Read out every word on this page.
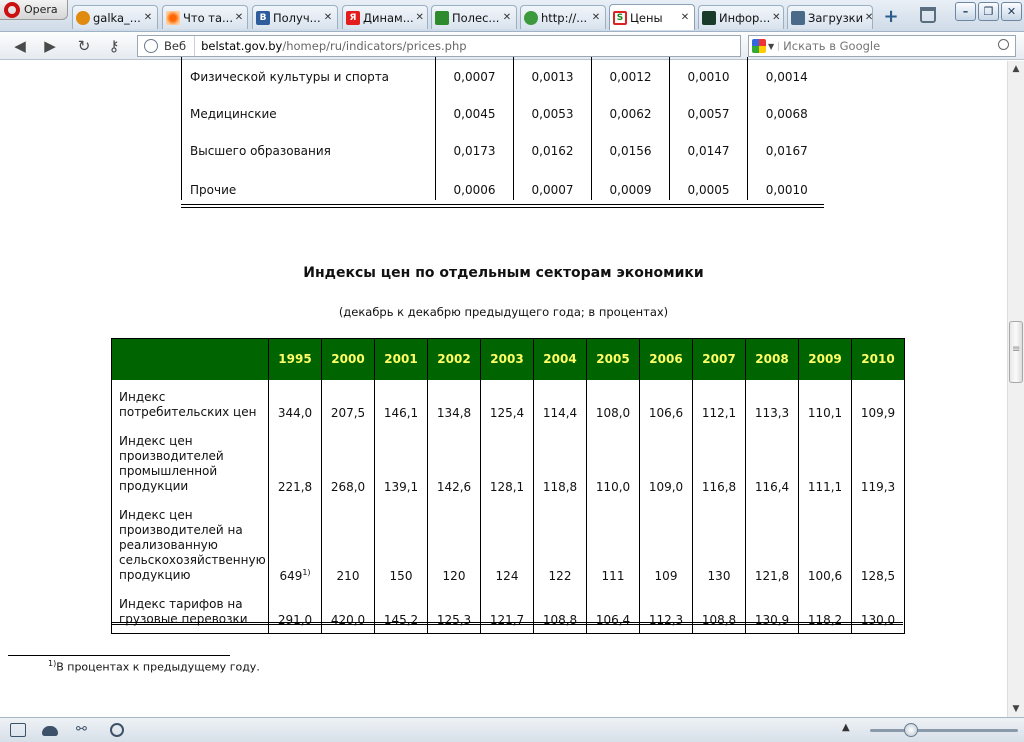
Opera
galka_... ✕	Что та... ✕	B Получ... ✕	Я Динам... ✕ Полес... ✕	http://... ✕	S Цены	✕	Инфор... ✕ Загрузки ✕ +	–	❐	✕
◀ ▶ ↻	⚷	Веб	belstat.gov.by/homep/ru/indicators/prices.php	▼
Искать в Google
Физической культуры и спорта	0,0007	0,0013	0,0012	0,0010	0,0014
Медицинские	0,0045	0,0053	0,0062	0,0057	0,0068
Высшего образования	0,0173	0,0162	0,0156	0,0147	0,0167
Прочие	0,0006	0,0007	0,0009	0,0005	0,0010
Индексы цен по отдельным секторам экономики
(декабрь к декабрю предыдущего года; в процентах)
	1995	2000	2001	2002	2003	2004	2005	2006	2007	2008	2009	2010
Индекс потребительских цен	344,0	207,5	146,1	134,8	125,4	114,4	108,0	106,6	112,1	113,3	110,1	109,9
Индекс цен производителей промышленной продукции	221,8	268,0	139,1	142,6	128,1	118,8	110,0	109,0	116,8	116,4	111,1	119,3
Индекс цен производителей на реализованную сельскохозяйственную продукцию	649$^{1)}$	210	150	120	124	122	111	109	130	121,8	100,6	128,5
Индекс тарифов на грузовые перевозки	291,0	420,0	145,2	125,3	121,7	108,8	106,4	112,3	108,8	130,9	118,2	130,0
$^{1)}$В процентах к предыдущему году.
▲
≡
▼
⚯	▲
